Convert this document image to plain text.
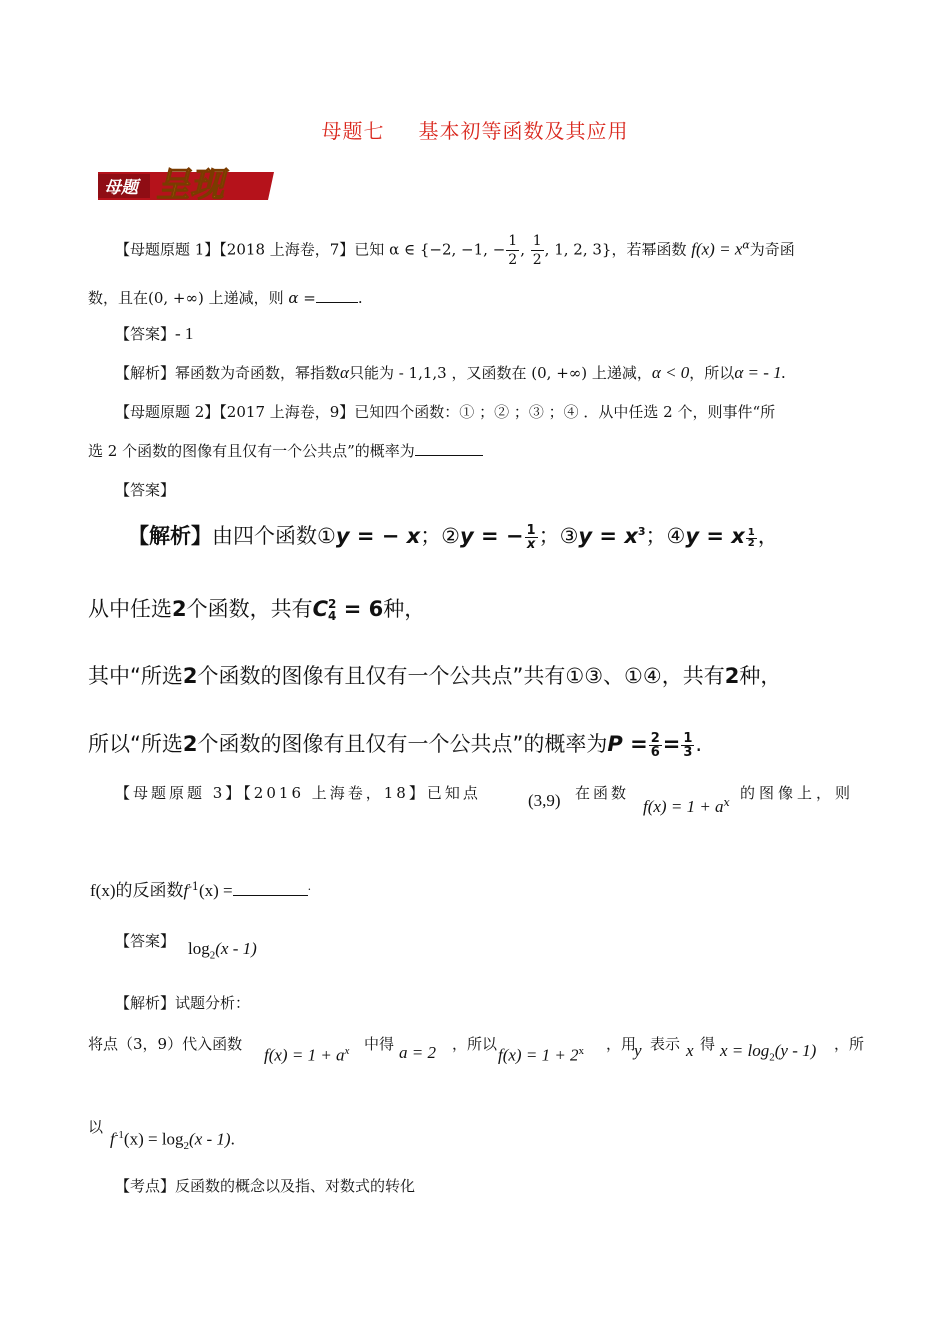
母题七 基本初等函数及其应用
母题 呈现
【母题原题 1】【2018 上海卷，7】已知 α ∈ {−2, −1, − $\frac{1}{2}$ , $\frac{1}{2}$ , 1, 2, 3}，若幂函数 $f(x) = x^\alpha$为奇函
数，且在(0, +∞) 上递减，则 α =	.
【答案】- 1
【解析】幂函数为奇函数，幂指数α只能为 - 1,1,3 ，又函数在 (0, +∞) 上递减，α < 0，所以α = - 1.
【母题原题 2】【2017 上海卷，9】已知四个函数：① ；② ；③ ；④ ．从中任选 2 个，则事件“所
选 2 个函数的图像有且仅有一个公共点”的概率为
【答案】
【解析】由四个函数①y = − x；②y = − $\frac{1}{x}$ ；③y = $x^3$；④y = x $\frac{1}{2}$ ，
从中任选2个函数，共有C 2
4 = 6种，
其中“所选2个函数的图像有且仅有一个公共点”共有①③、①④，共有2种，
所以“所选2个函数的图像有且仅有一个公共点”的概率为$P = \frac{2}{6} = \frac{1}{3}$ .
【母题原题 3】【2016 上海卷，18】已知点	(3,9) 在函数
$f(x) = 1 + a^x$
的图像上，则
f(x)的反函数$f^{-1}(x)$ =	.
【答案】 $\log_2(x - 1)$
【解析】试题分析：
将点（3，9）代入函数
$f(x) = 1 + a^x$ 中得 a = 2 ，所以
$f(x) = 1 + 2^x$ ，用
y 表示 x 得 $x = \log_2(y - 1)$ ，所
以
$f^{-1}(x) = \log_2(x - 1)$.
【考点】反函数的概念以及指、对数式的转化
